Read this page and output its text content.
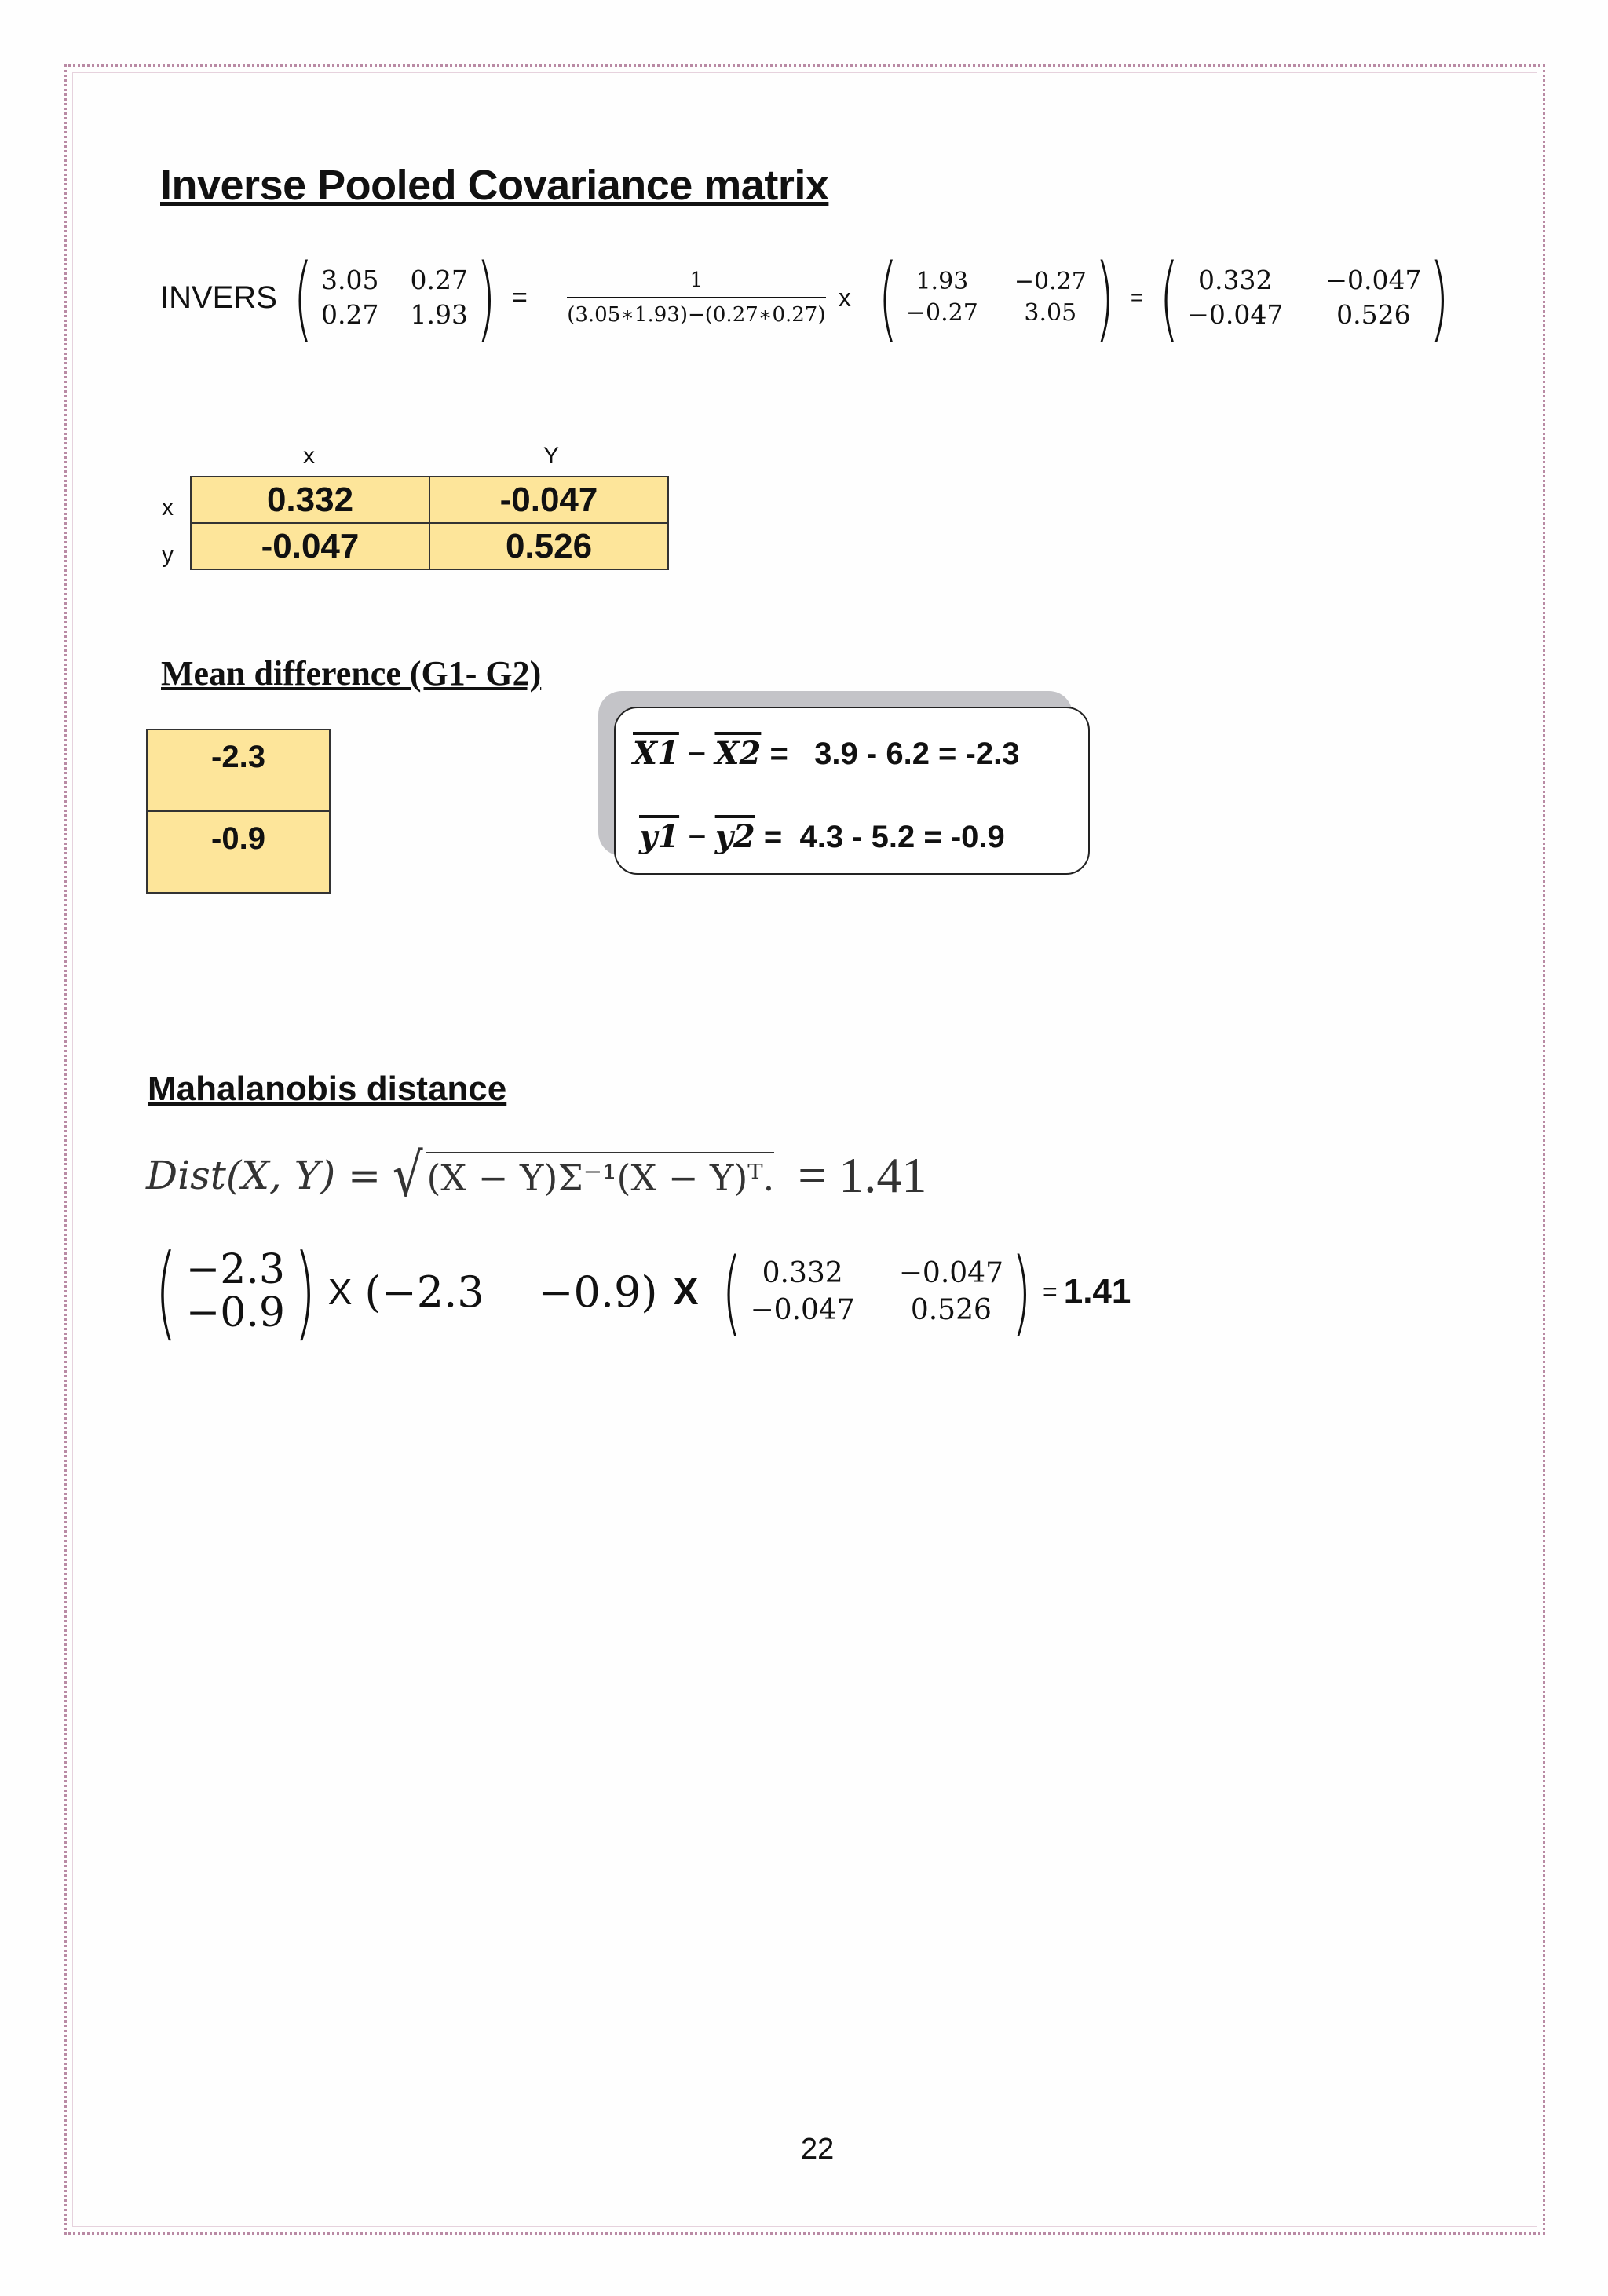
Inverse Pooled Covariance matrix
INVERS ( 3.05 0.27
0.27 1.93 ) =
1
(3.05∗1.93)−(0.27∗0.27)
x ( 1.93	−0.27
−0.27	3.05 ) = ( 0.332	−0.047
−0.047	0.526 )
x	Y
x
y
0.332	-0.047
-0.047	0.526
Mean difference (G1- G2)
-2.3
-0.9
X1 − X2 =   3.9 - 6.2 = -2.3
y1 − y2 =  4.3 - 5.2 = -0.9
Mahalanobis distance
Dist(X, Y) = √ (X − Y)Σ⁻¹(X − Y)ᵀ. = 1.41
( −2.3
−0.9 ) X (−2.3    −0.9) X ( 0.332	−0.047
−0.047	0.526 ) = 1.41
22
